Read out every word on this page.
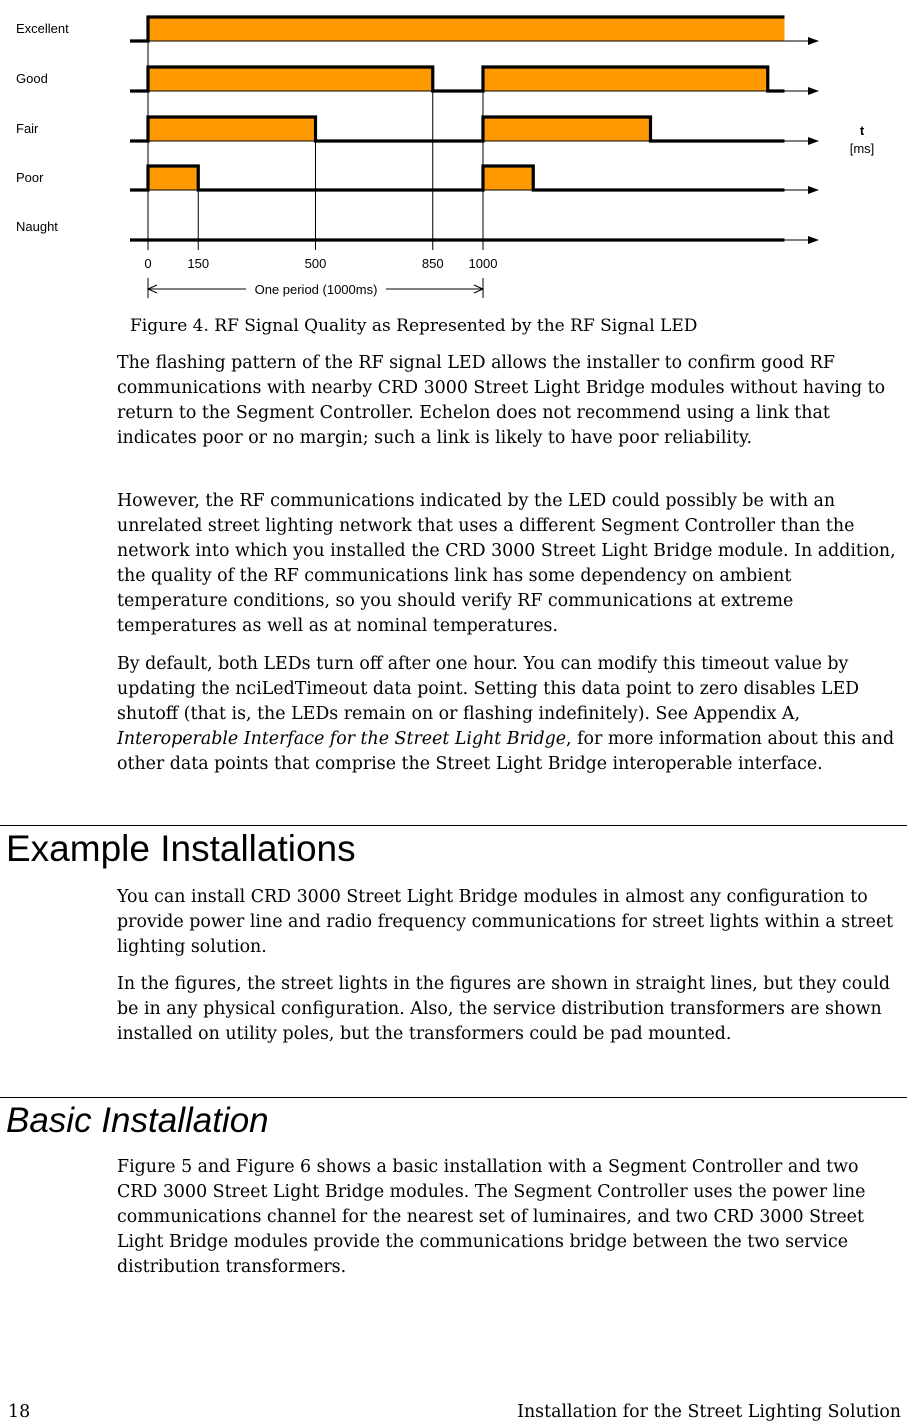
Excellent
Good
Fair
Poor
Naught
0	150	500	850 1000
t
[ms]
One period (1000ms)
Figure 4. RF Signal Quality as Represented by the RF Signal LED

The flashing pattern of the RF signal LED allows the installer to confirm good RF communications with nearby CRD 3000 Street Light Bridge modules without having to return to the Segment Controller. Echelon does not recommend using a link that indicates poor or no margin; such a link is likely to have poor reliability.

However, the RF communications indicated by the LED could possibly be with an unrelated street lighting network that uses a different Segment Controller than the network into which you installed the CRD 3000 Street Light Bridge module. In addition, the quality of the RF communications link has some dependency on ambient temperature conditions, so you should verify RF communications at extreme temperatures as well as at nominal temperatures.

By default, both LEDs turn off after one hour. You can modify this timeout value by updating the nciLedTimeout data point. Setting this data point to zero disables LED shutoff (that is, the LEDs remain on or flashing indefinitely). See Appendix A, Interoperable Interface for the Street Light Bridge, for more information about this and other data points that comprise the Street Light Bridge interoperable interface.

Example Installations

You can install CRD 3000 Street Light Bridge modules in almost any configuration to provide power line and radio frequency communications for street lights within a street lighting solution.

In the figures, the street lights in the figures are shown in straight lines, but they could be in any physical configuration. Also, the service distribution transformers are shown installed on utility poles, but the transformers could be pad mounted.

Basic Installation

Figure 5 and Figure 6 shows a basic installation with a Segment Controller and two CRD 3000 Street Light Bridge modules. The Segment Controller uses the power line communications channel for the nearest set of luminaires, and two CRD 3000 Street Light Bridge modules provide the communications bridge between the two service distribution transformers.

18	Installation for the Street Lighting Solution
